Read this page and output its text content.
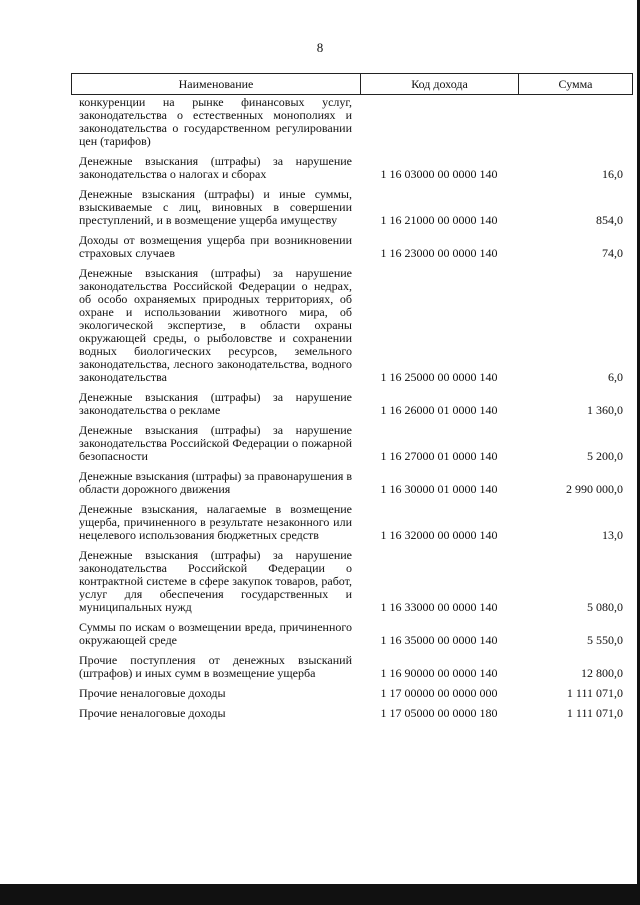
8
Наименование	Код дохода	Сумма
конкуренции на рынке финансовых услуг, законодательства о естественных монополиях и законодательства о государственном регулировании цен (тарифов)
Денежные взыскания (штрафы) за нарушение законодательства о налогах и сборах	1 16 03000 00 0000 140	16,0
Денежные взыскания (штрафы) и иные суммы, взыскиваемые с лиц, виновных в совершении преступлений, и в возмещение ущерба имуществу	1 16 21000 00 0000 140	854,0
Доходы от возмещения ущерба при возникновении страховых случаев	1 16 23000 00 0000 140	74,0
Денежные взыскания (штрафы) за нарушение законодательства Российской Федерации о недрах, об особо охраняемых природных территориях, об охране и использовании животного мира, об экологической экспертизе, в области охраны окружающей среды, о рыболовстве и сохранении водных биологических ресурсов, земельного законодательства, лесного законодательства, водного законодательства	1 16 25000 00 0000 140	6,0
Денежные взыскания (штрафы) за нарушение законодательства о рекламе	1 16 26000 01 0000 140	1 360,0
Денежные взыскания (штрафы) за нарушение законодательства Российской Федерации о пожарной безопасности	1 16 27000 01 0000 140	5 200,0
Денежные взыскания (штрафы) за правонарушения в области дорожного движения	1 16 30000 01 0000 140	2 990 000,0
Денежные взыскания, налагаемые в возмещение ущерба, причиненного в результате незаконного или нецелевого использования бюджетных средств	1 16 32000 00 0000 140	13,0
Денежные взыскания (штрафы) за нарушение законодательства Российской Федерации о контрактной системе в сфере закупок товаров, работ, услуг для обеспечения государственных и муниципальных нужд	1 16 33000 00 0000 140	5 080,0
Суммы по искам о возмещении вреда, причиненного окружающей среде	1 16 35000 00 0000 140	5 550,0
Прочие поступления от денежных взысканий (штрафов) и иных сумм в возмещение ущерба	1 16 90000 00 0000 140	12 800,0
Прочие неналоговые доходы	1 17 00000 00 0000 000	1 111 071,0
Прочие неналоговые доходы	1 17 05000 00 0000 180	1 111 071,0
